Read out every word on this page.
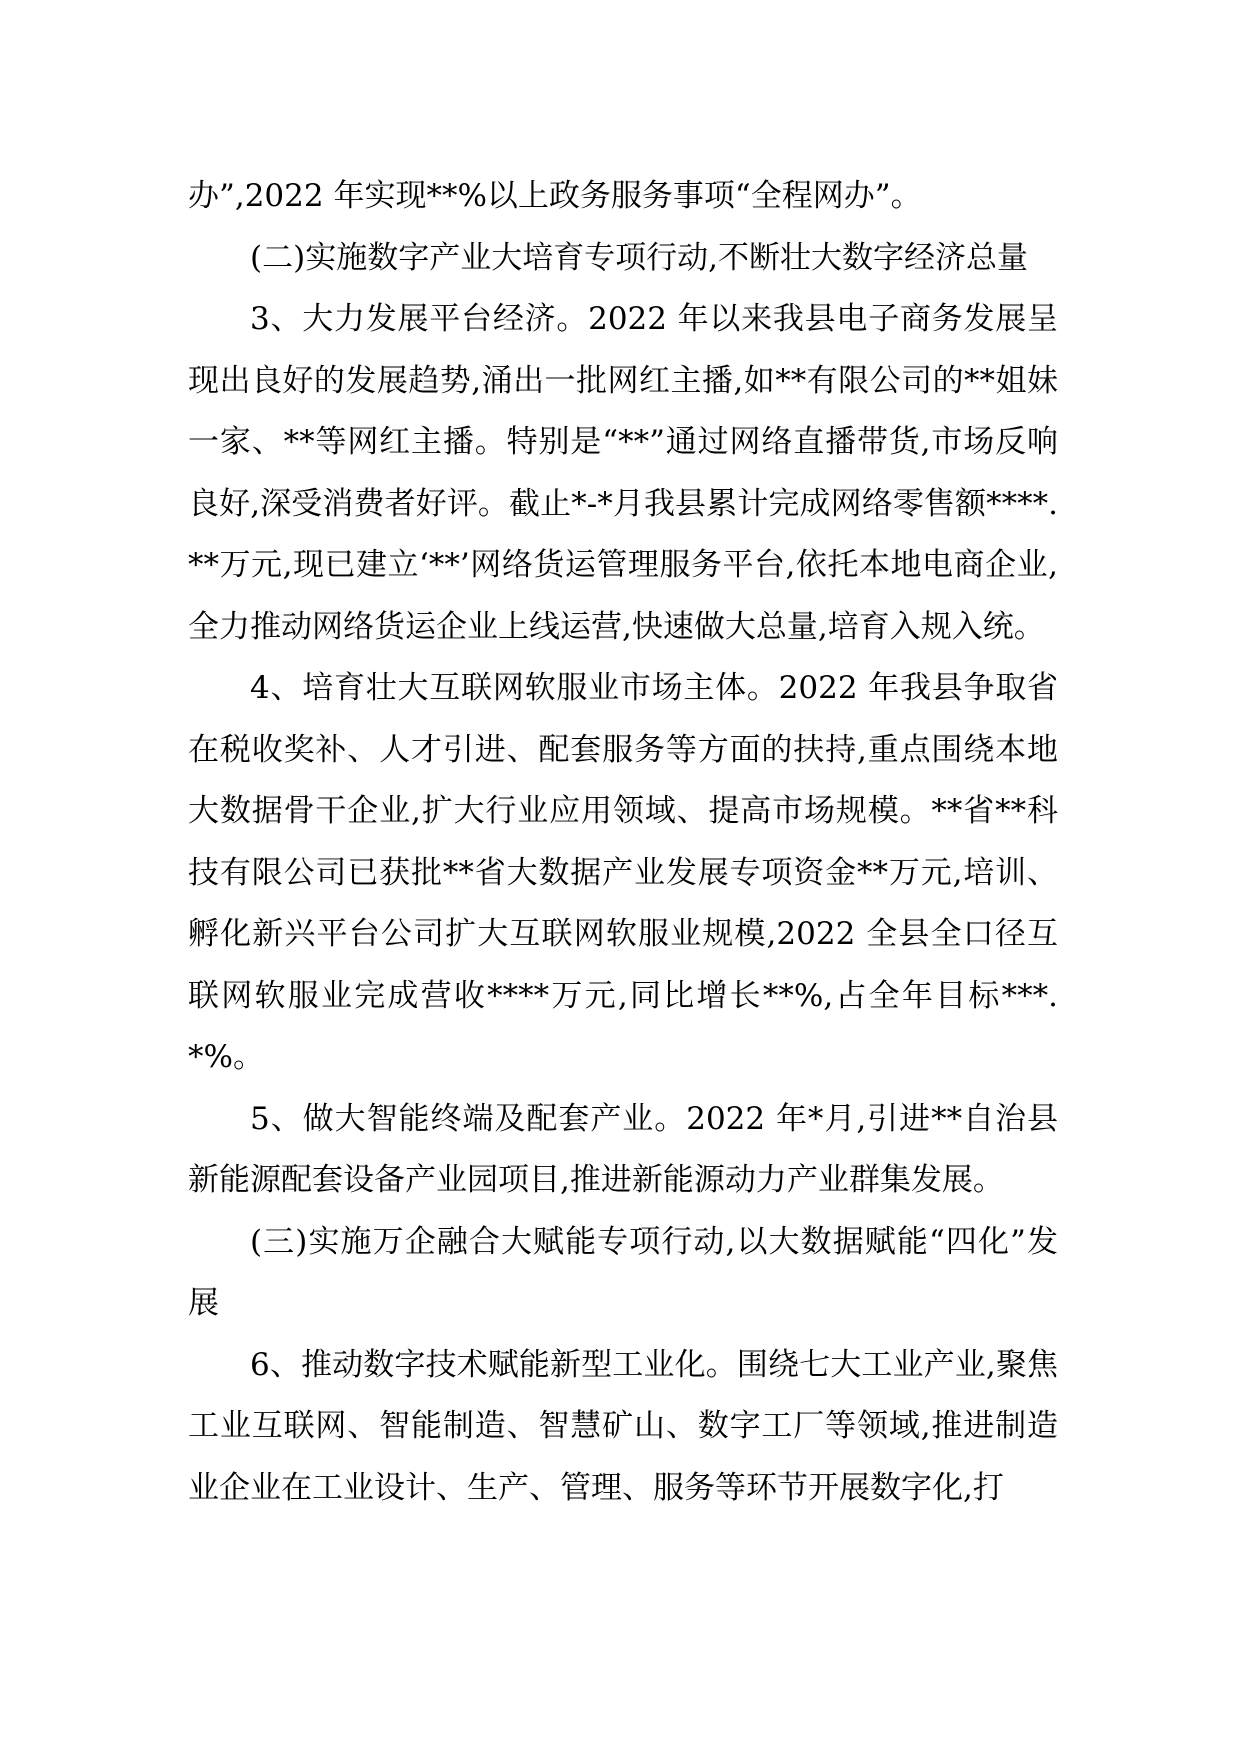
办”,2022 年实现**%以上政务服务事项“全程网办”。

(二)实施数字产业大培育专项行动,不断壮大数字经济总量

3、大力发展平台经济。2022 年以来我县电子商务发展呈现出良好的发展趋势,涌出一批网红主播,如**有限公司的**姐妹一家、**等网红主播。特别是“**”通过网络直播带货,市场反响良好,深受消费者好评。截止*-*月我县累计完成网络零售额****.**万元,现已建立‘**’网络货运管理服务平台,依托本地电商企业,全力推动网络货运企业上线运营,快速做大总量,培育入规入统。

4、培育壮大互联网软服业市场主体。2022 年我县争取省在税收奖补、人才引进、配套服务等方面的扶持,重点围绕本地大数据骨干企业,扩大行业应用领域、提高市场规模。**省**科技有限公司已获批**省大数据产业发展专项资金**万元,培训、孵化新兴平台公司扩大互联网软服业规模,2022 全县全口径互联网软服业完成营收****万元,同比增长**%,占全年目标***.*%。

5、做大智能终端及配套产业。2022 年*月,引进**自治县新能源配套设备产业园项目,推进新能源动力产业群集发展。

(三)实施万企融合大赋能专项行动,以大数据赋能“四化”发展

6、推动数字技术赋能新型工业化。围绕七大工业产业,聚焦工业互联网、智能制造、智慧矿山、数字工厂等领域,推进制造业企业在工业设计、生产、管理、服务等环节开展数字化,打
